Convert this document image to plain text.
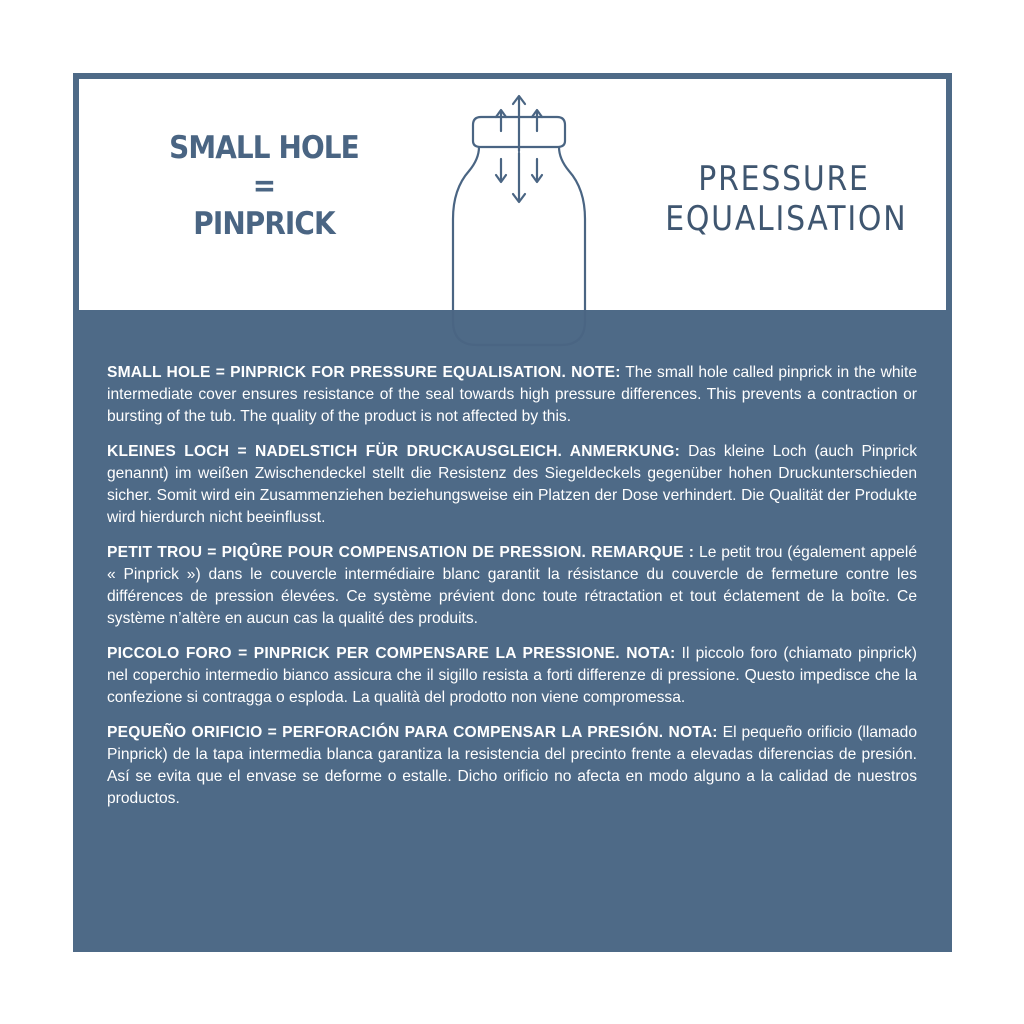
SMALL HOLE
=
PINPRICK
PRESSURE
EQUALISATION

SMALL HOLE = PINPRICK FOR PRESSURE EQUALISATION. NOTE: The small hole called pinprick in the white intermediate cover ensures resistance of the seal towards high pressure differences. This prevents a contraction or bursting of the tub. The quality of the product is not affected by this.

KLEINES LOCH = NADELSTICH FÜR DRUCKAUSGLEICH. ANMERKUNG: Das kleine Loch (auch Pinprick genannt) im weißen Zwischendeckel stellt die Resistenz des Siegeldeckels gegenüber hohen Druckunterschieden sicher. Somit wird ein Zusammenziehen beziehungsweise ein Platzen der Dose verhindert. Die Qualität der Produkte wird hierdurch nicht beeinflusst.

PETIT TROU = PIQÛRE POUR COMPENSATION DE PRESSION. REMARQUE : Le petit trou (également appelé « Pinprick ») dans le couvercle intermédiaire blanc garantit la résistance du couvercle de fermeture contre les différences de pression élevées. Ce système prévient donc toute rétractation et tout éclatement de la boîte. Ce système n’altère en aucun cas la qualité des produits.

PICCOLO FORO = PINPRICK PER COMPENSARE LA PRESSIONE. NOTA: Il piccolo foro (chiamato pinprick) nel coperchio intermedio bianco assicura che il sigillo resista a forti differenze di pressione. Questo impedisce che la confezione si contragga o esploda. La qualità del prodotto non viene compromessa.

PEQUEÑO ORIFICIO = PERFORACIÓN PARA COMPENSAR LA PRESIÓN. NOTA: El pequeño orificio (llamado Pinprick) de la tapa intermedia blanca garantiza la resistencia del precinto frente a elevadas diferencias de presión. Así se evita que el envase se deforme o estalle. Dicho orificio no afecta en modo alguno a la calidad de nuestros productos.
